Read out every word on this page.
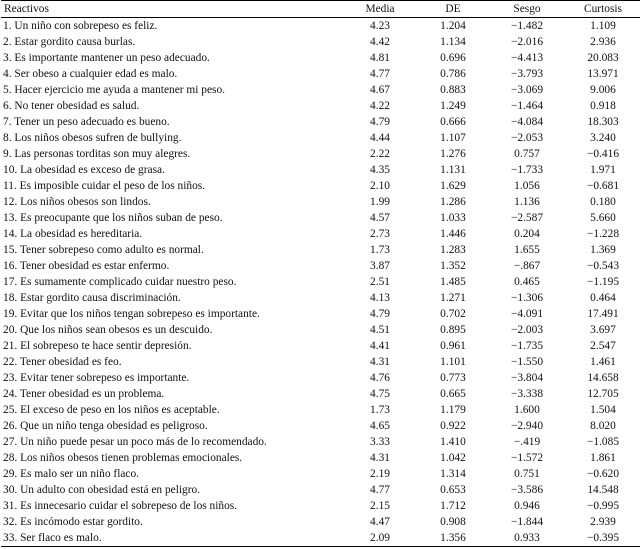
Reactivos	Media	DE	Sesgo	Curtosis
1. Un niño con sobrepeso es feliz.	4.23	1.204	−1.482	1.109
2. Estar gordito causa burlas.	4.42	1.134	−2.016	2.936
3. Es importante mantener un peso adecuado.	4.81	0.696	−4.413	20.083
4. Ser obeso a cualquier edad es malo.	4.77	0.786	−3.793	13.971
5. Hacer ejercicio me ayuda a mantener mi peso.	4.67	0.883	−3.069	9.006
6. No tener obesidad es salud.	4.22	1.249	−1.464	0.918
7. Tener un peso adecuado es bueno.	4.79	0.666	−4.084	18.303
8. Los niños obesos sufren de bullying.	4.44	1.107	−2.053	3.240
9. Las personas torditas son muy alegres.	2.22	1.276	0.757	−0.416
10. La obesidad es exceso de grasa.	4.35	1.131	−1.733	1.971
11. Es imposible cuidar el peso de los niños.	2.10	1.629	1.056	−0.681
12. Los niños obesos son lindos.	1.99	1.286	1.136	0.180
13. Es preocupante que los niños suban de peso.	4.57	1.033	−2.587	5.660
14. La obesidad es hereditaria.	2.73	1.446	0.204	−1.228
15. Tener sobrepeso como adulto es normal.	1.73	1.283	1.655	1.369
16. Tener obesidad es estar enfermo.	3.87	1.352	−.867	−0.543
17. Es sumamente complicado cuidar nuestro peso.	2.51	1.485	0.465	−1.195
18. Estar gordito causa discriminación.	4.13	1.271	−1.306	0.464
19. Evitar que los niños tengan sobrepeso es importante.	4.79	0.702	−4.091	17.491
20. Que los niños sean obesos es un descuido.	4.51	0.895	−2.003	3.697
21. El sobrepeso te hace sentir depresión.	4.41	0.961	−1.735	2.547
22. Tener obesidad es feo.	4.31	1.101	−1.550	1.461
23. Evitar tener sobrepeso es importante.	4.76	0.773	−3.804	14.658
24. Tener obesidad es un problema.	4.75	0.665	−3.338	12.705
25. El exceso de peso en los niños es aceptable.	1.73	1.179	1.600	1.504
26. Que un niño tenga obesidad es peligroso.	4.65	0.922	−2.940	8.020
27. Un niño puede pesar un poco más de lo recomendado.	3.33	1.410	−.419	−1.085
28. Los niños obesos tienen problemas emocionales.	4.31	1.042	−1.572	1.861
29. Es malo ser un niño flaco.	2.19	1.314	0.751	−0.620
30. Un adulto con obesidad está en peligro.	4.77	0.653	−3.586	14.548
31. Es innecesario cuidar el sobrepeso de los niños.	2.15	1.712	0.946	−0.995
32. Es incómodo estar gordito.	4.47	0.908	−1.844	2.939
33. Ser flaco es malo.	2.09	1.356	0.933	−0.395
